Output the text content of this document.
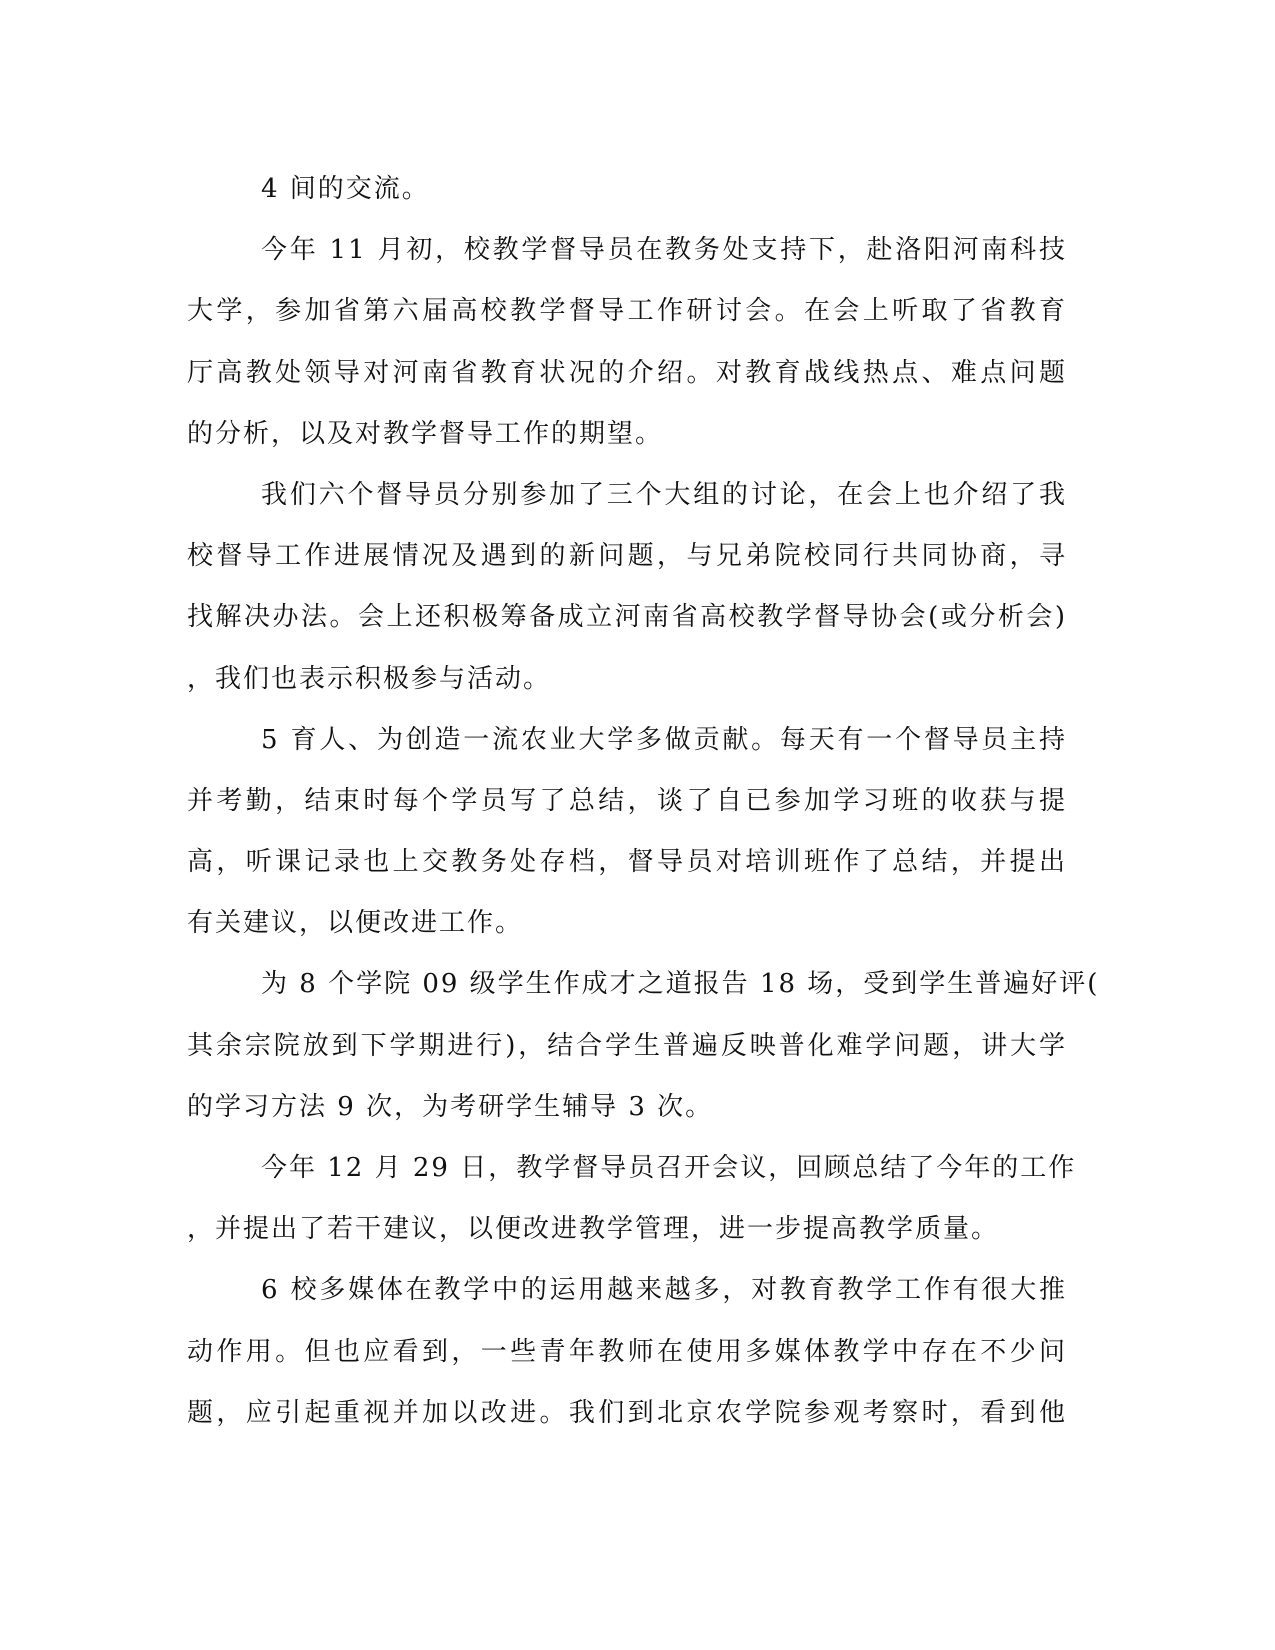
4 间的交流。
今年 11 月初，校教学督导员在教务处支持下，赴洛阳河南科技
大学，参加省第六届高校教学督导工作研讨会。在会上听取了省教育
厅高教处领导对河南省教育状况的介绍。对教育战线热点、难点问题
的分析，以及对教学督导工作的期望。
我们六个督导员分别参加了三个大组的讨论，在会上也介绍了我
校督导工作进展情况及遇到的新问题，与兄弟院校同行共同协商，寻
找解决办法。会上还积极筹备成立河南省高校教学督导协会(或分析会)
，我们也表示积极参与活动。
5 育人、为创造一流农业大学多做贡献。每天有一个督导员主持
并考勤，结束时每个学员写了总结，谈了自已参加学习班的收获与提
高，听课记录也上交教务处存档，督导员对培训班作了总结，并提出
有关建议，以便改进工作。
为 8 个学院 09 级学生作成才之道报告 18 场，受到学生普遍好评(
其余宗院放到下学期进行)，结合学生普遍反映普化难学问题，讲大学
的学习方法 9 次，为考研学生辅导 3 次。
今年 12 月 29 日，教学督导员召开会议，回顾总结了今年的工作
，并提出了若干建议，以便改进教学管理，进一步提高教学质量。
6 校多媒体在教学中的运用越来越多，对教育教学工作有很大推
动作用。但也应看到，一些青年教师在使用多媒体教学中存在不少问
题，应引起重视并加以改进。我们到北京农学院参观考察时，看到他
